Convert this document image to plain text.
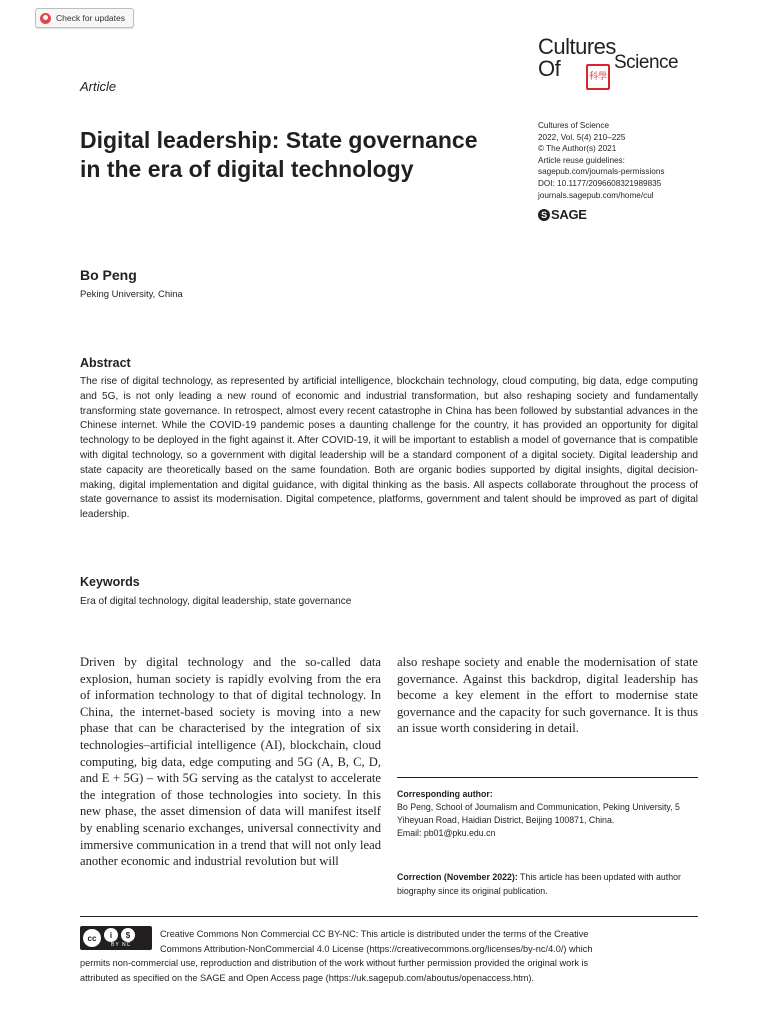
Check for updates
Cultures
Of	科學
Science
Article
Digital leadership: State governance in the era of digital technology
Cultures of Science
2022, Vol. 5(4) 210–225
© The Author(s) 2021
Article reuse guidelines:
sagepub.com/journals-permissions
DOI: 10.1177/2096608321989835
journals.sagepub.com/home/cul
S SAGE
Bo Peng
Peking University, China
Abstract
The rise of digital technology, as represented by artificial intelligence, blockchain technology, cloud computing, big data, edge computing and 5G, is not only leading a new round of economic and industrial transformation, but also reshaping society and fundamentally transforming state governance. In retrospect, almost every recent catastrophe in China has been followed by substantial advances in the Chinese internet. While the COVID-19 pandemic poses a daunting challenge for the country, it has provided an opportunity for digital technology to be deployed in the fight against it. After COVID-19, it will be important to establish a model of governance that is compatible with digital technology, so a government with digital leadership will be a standard component of a digital society. Digital leadership and state capacity are theoretically based on the same foundation. Both are organic bodies supported by digital insights, digital decision-making, digital implementation and digital guidance, with digital thinking as the basis. All aspects collaborate throughout the process of state governance to assist its modernisation. Digital competence, platforms, government and talent should be improved as part of digital leadership.
Keywords
Era of digital technology, digital leadership, state governance
Driven by digital technology and the so-called data explosion, human society is rapidly evolving from the era of information technology to that of digital technology. In China, the internet-based society is moving into a new phase that can be characterised by the integration of six technologies–artificial intelligence (AI), blockchain, cloud computing, big data, edge computing and 5G (A, B, C, D, and E + 5G) – with 5G serving as the catalyst to accelerate the integration of those technologies into society. In this new phase, the asset dimension of data will manifest itself by enabling scenario exchanges, universal connectivity and immersive communication in a trend that will not only lead another economic and industrial revolution but will
also reshape society and enable the modernisation of state governance. Against this backdrop, digital leadership has become a key element in the effort to modernise state governance and the capacity for such governance. It is thus an issue worth considering in detail.
Corresponding author:
Bo Peng, School of Journalism and Communication, Peking University, 5 Yiheyuan Road, Haidian District, Beijing 100871, China.
Email: pb01@pku.edu.cn
Correction (November 2022): This article has been updated with author biography since its original publication.
cc	i	$
BY NC
Creative Commons Non Commercial CC BY-NC: This article is distributed under the terms of the Creative
Commons Attribution-NonCommercial 4.0 License (https://creativecommons.org/licenses/by-nc/4.0/) which
permits non-commercial use, reproduction and distribution of the work without further permission provided the original work is
attributed as specified on the SAGE and Open Access page (https://uk.sagepub.com/aboutus/openaccess.htm).
